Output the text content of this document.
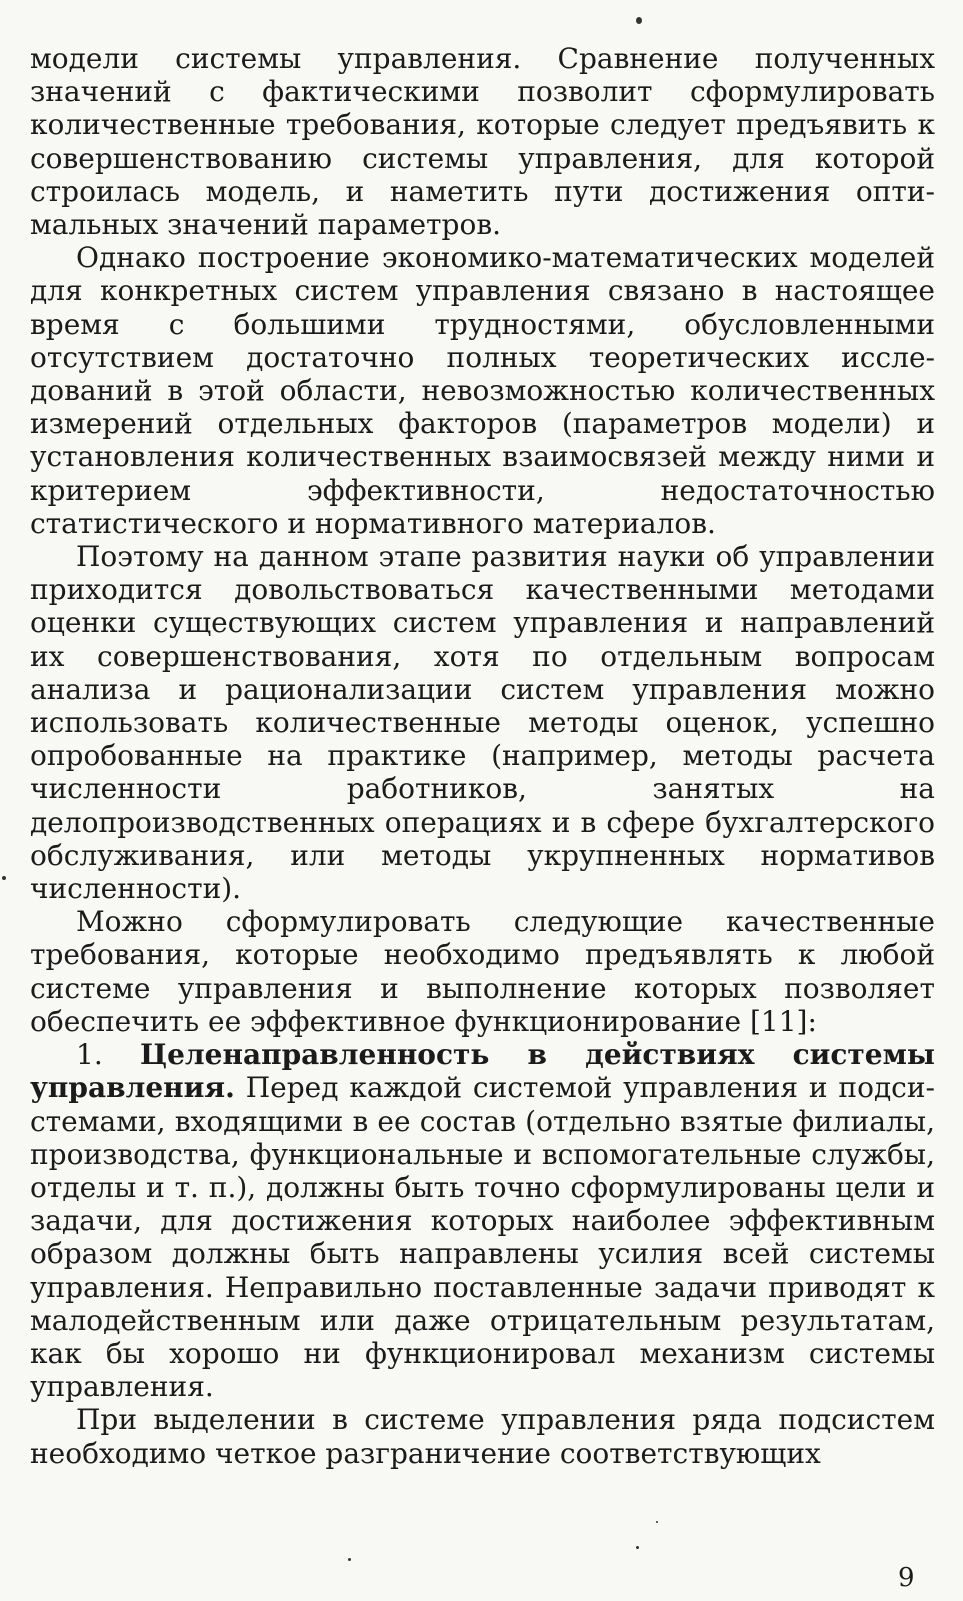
модели системы управления. Сравнение полученных значений с фактическими позволит сформулировать количественные требования, которые следует предъявить к совершенствованию системы управления, для которой строилась модель, и наметить пути достижения оптимальных значений параметров.

Однако построение экономико-математических моделей для конкретных систем управления связано в настоящее время с большими трудностями, обусловленными отсутствием достаточно полных теоретических исследований в этой области, невозможностью количественных измерений отдельных факторов (параметров модели) и установления количественных взаимосвязей между ними и критерием эффективности, недостаточностью статистического и нормативного материалов.

Поэтому на данном этапе развития науки об управлении приходится довольствоваться качественными методами оценки существующих систем управления и направлений их совершенствования, хотя по отдельным вопросам анализа и рационализации систем управления можно использовать количественные методы оценок, успешно опробованные на практике (например, методы расчета численности работников, занятых на делопроизводственных операциях и в сфере бухгалтерского обслуживания, или методы укрупненных нормативов численности).

Можно сформулировать следующие качественные требования, которые необходимо предъявлять к любой системе управления и выполнение которых позволяет обеспечить ее эффективное функционирование [11]:

1. Целенаправленность в действиях системы управления. Перед каждой системой управления и подсистемами, входящими в ее состав (отдельно взятые филиалы, производства, функциональные и вспомогательные службы, отделы и т. п.), должны быть точно сформулированы цели и задачи, для достижения которых наиболее эффективным образом должны быть направлены усилия всей системы управления. Неправильно поставленные задачи приводят к малодейственным или даже отрицательным результатам, как бы хорошо ни функционировал механизм системы управления.

При выделении в системе управления ряда подсистем необходимо четкое разграничение соответствующих

9
